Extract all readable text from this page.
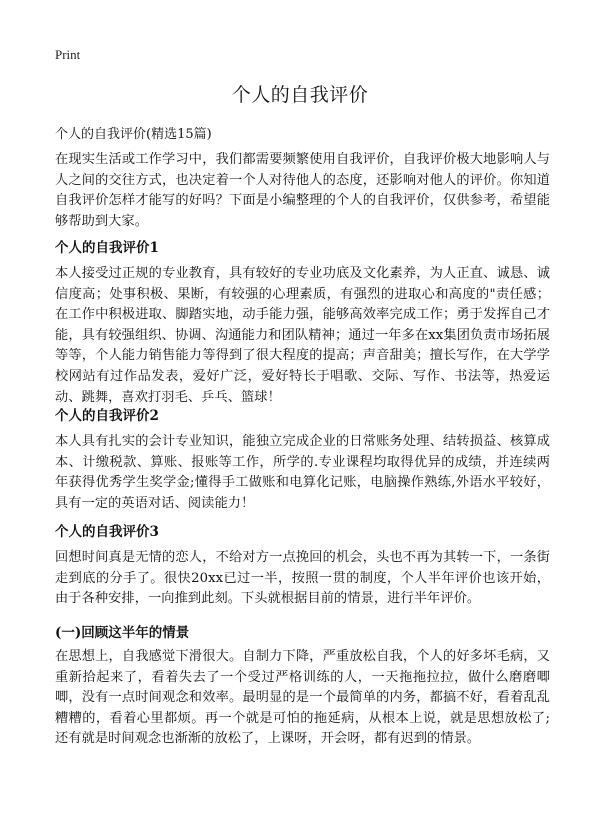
Print
个人的自我评价

个人的自我评价(精选15篇)

在现实生活或工作学习中，我们都需要频繁使用自我评价，自我评价极大地影响人与人之间的交往方式，也决定着一个人对待他人的态度，还影响对他人的评价。你知道自我评价怎样才能写的好吗？下面是小编整理的个人的自我评价，仅供参考，希望能够帮助到大家。

个人的自我评价1

本人接受过正规的专业教育，具有较好的专业功底及文化素养，为人正直、诚恳、诚信度高；处事积极、果断，有较强的心理素质，有强烈的进取心和高度的"责任感；在工作中积极进取、脚踏实地，动手能力强，能够高效率完成工作；勇于发挥自己才能，具有较强组织、协调、沟通能力和团队精神；通过一年多在xx集团负责市场拓展等等，个人能力销售能力等得到了很大程度的提高；声音甜美；擅长写作，在大学学校网站有过作品发表，爱好广泛，爱好特长于唱歌、交际、写作、书法等，热爱运动、跳舞，喜欢打羽毛、乒乓、篮球！

个人的自我评价2

本人具有扎实的会计专业知识，能独立完成企业的日常账务处理、结转损益、核算成本、计缴税款、算账、报账等工作，所学的.专业课程均取得优异的成绩，并连续两年获得优秀学生奖学金;懂得手工做账和电算化记账，电脑操作熟练,外语水平较好，具有一定的英语对话、阅读能力！

个人的自我评价3

回想时间真是无情的恋人，不给对方一点挽回的机会，头也不再为其转一下，一条街走到底的分手了。很快20xx已过一半，按照一贯的制度，个人半年评价也该开始，由于各种安排，一向推到此刻。下头就根据目前的情景，进行半年评价。

(一)回顾这半年的情景

在思想上，自我感觉下滑很大。自制力下降，严重放松自我，个人的好多坏毛病，又重新拾起来了，看着失去了一个受过严格训练的人，一天拖拖拉拉，做什么磨磨唧唧，没有一点时间观念和效率。最明显的是一个最简单的内务，都搞不好，看着乱乱糟糟的，看着心里都烦。再一个就是可怕的拖延病，从根本上说，就是思想放松了;还有就是时间观念也渐渐的放松了，上课呀，开会呀，都有迟到的情景。
